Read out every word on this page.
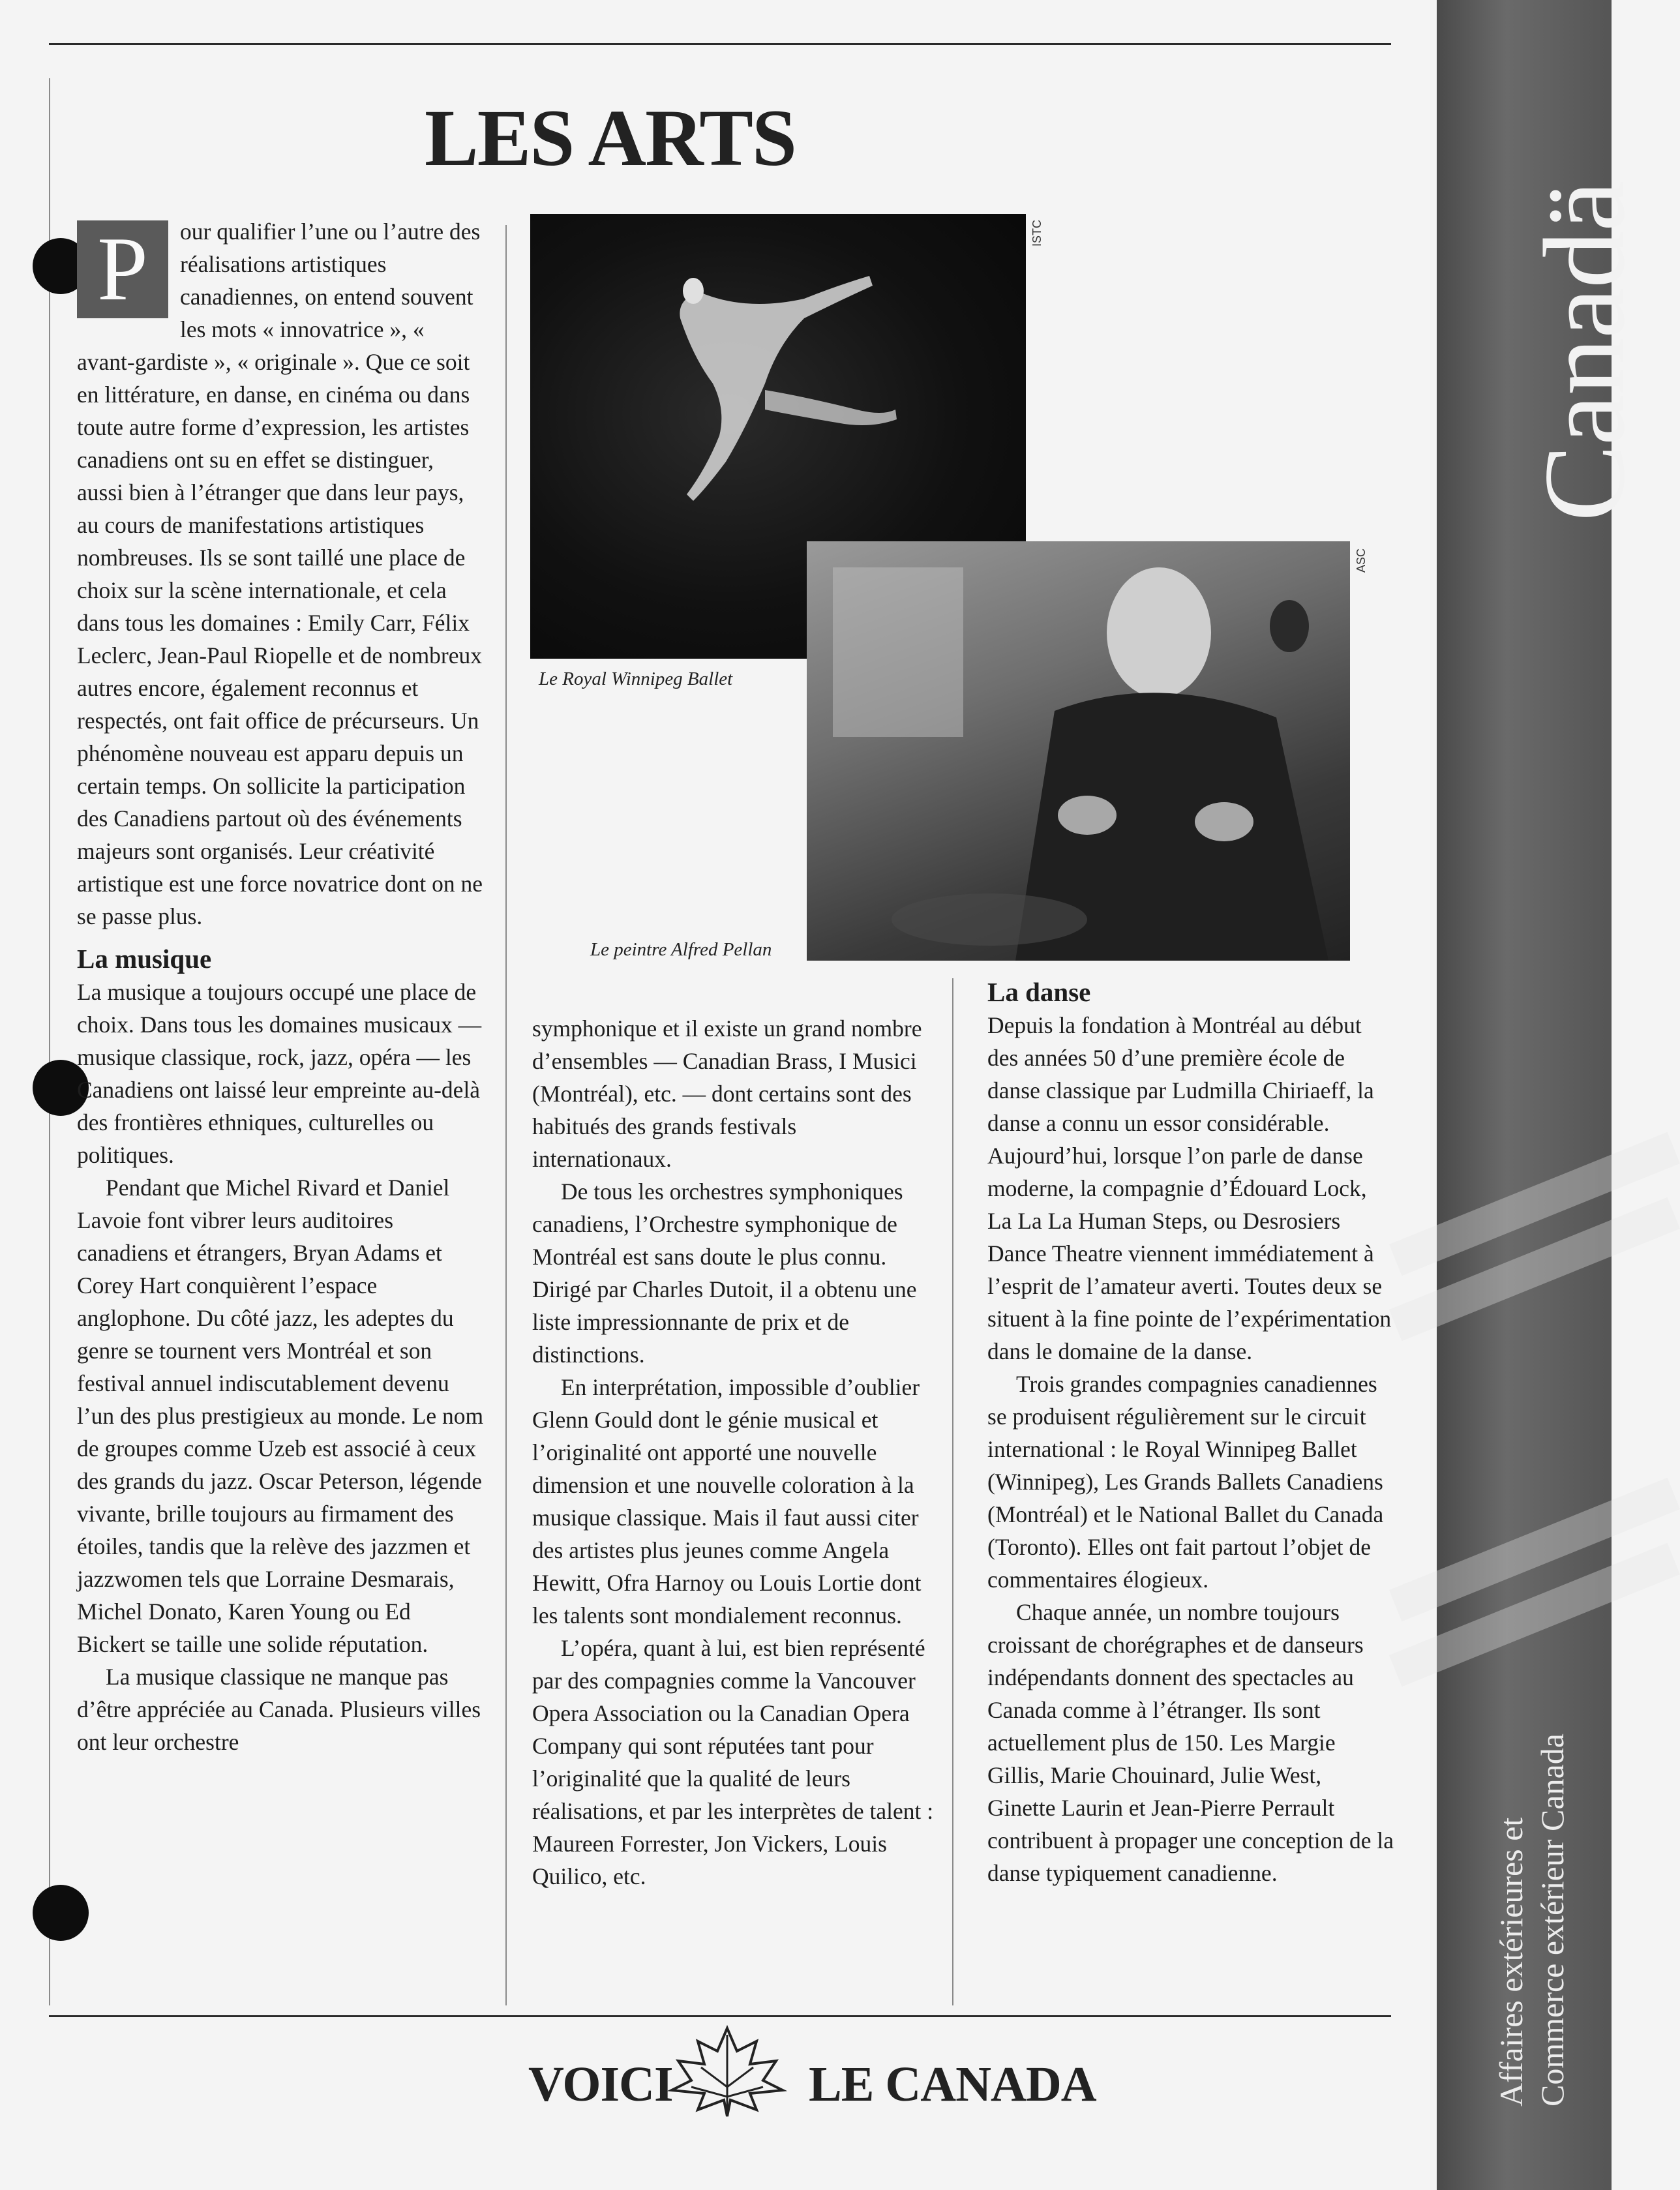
LES ARTS
P	our qualifier l’une ou l’autre des réalisations artistiques canadiennes, on entend souvent les mots « innovatrice », « avant-gardiste », « originale ». Que ce soit en littérature, en danse, en cinéma ou dans toute autre forme d’expression, les artistes canadiens ont su en effet se distinguer, aussi bien à l’étranger que dans leur pays, au cours de manifestations artistiques nombreuses. Ils se sont taillé une place de choix sur la scène internationale, et cela dans tous les domaines : Emily Carr, Félix Leclerc, Jean-Paul Riopelle et de nombreux autres encore, également reconnus et respectés, ont fait office de précurseurs. Un phénomène nouveau est apparu depuis un certain temps. On sollicite la participation des Canadiens partout où des événements majeurs sont organisés. Leur créativité artistique est une force novatrice dont on ne se passe plus.

La musique

La musique a toujours occupé une place de choix. Dans tous les domaines musicaux — musique classique, rock, jazz, opéra — les Canadiens ont laissé leur empreinte au-delà des frontières ethniques, culturelles ou politiques.

Pendant que Michel Rivard et Daniel Lavoie font vibrer leurs auditoires canadiens et étrangers, Bryan Adams et Corey Hart conquièrent l’espace anglophone. Du côté jazz, les adeptes du genre se tournent vers Montréal et son festival annuel indiscutablement devenu l’un des plus prestigieux au monde. Le nom de groupes comme Uzeb est associé à ceux des grands du jazz. Oscar Peterson, légende vivante, brille toujours au firmament des étoiles, tandis que la relève des jazzmen et jazzwomen tels que Lorraine Desmarais, Michel Donato, Karen Young ou Ed Bickert se taille une solide réputation.

La musique classique ne manque pas d’être appréciée au Canada. Plusieurs villes ont leur orchestre

ISTC
Le Royal Winnipeg Ballet
ASC
Le peintre Alfred Pellan

symphonique et il existe un grand nombre d’ensembles — Canadian Brass, I Musici (Montréal), etc. — dont certains sont des habitués des grands festivals internationaux.

De tous les orchestres symphoniques canadiens, l’Orchestre symphonique de Montréal est sans doute le plus connu. Dirigé par Charles Dutoit, il a obtenu une liste impressionnante de prix et de distinctions.

En interprétation, impossible d’oublier Glenn Gould dont le génie musical et l’originalité ont apporté une nouvelle dimension et une nouvelle coloration à la musique classique. Mais il faut aussi citer des artistes plus jeunes comme Angela Hewitt, Ofra Harnoy ou Louis Lortie dont les talents sont mondialement reconnus.

L’opéra, quant à lui, est bien représenté par des compagnies comme la Vancouver Opera Association ou la Canadian Opera Company qui sont réputées tant pour l’originalité que la qualité de leurs réalisations, et par les interprètes de talent : Maureen Forrester, Jon Vickers, Louis Quilico, etc.

La danse

Depuis la fondation à Montréal au début des années 50 d’une première école de danse classique par Ludmilla Chiriaeff, la danse a connu un essor considérable. Aujourd’hui, lorsque l’on parle de danse moderne, la compagnie d’Édouard Lock, La La La Human Steps, ou Desrosiers Dance Theatre viennent immédiatement à l’esprit de l’amateur averti. Toutes deux se situent à la fine pointe de l’expérimentation dans le domaine de la danse.

Trois grandes compagnies canadiennes se produisent régulièrement sur le circuit international : le Royal Winnipeg Ballet (Winnipeg), Les Grands Ballets Canadiens (Montréal) et le National Ballet du Canada (Toronto). Elles ont fait partout l’objet de commentaires élogieux.

Chaque année, un nombre toujours croissant de chorégraphes et de danseurs indépendants donnent des spectacles au Canada comme à l’étranger. Ils sont actuellement plus de 150. Les Margie Gillis, Marie Chouinard, Julie West, Ginette Laurin et Jean-Pierre Perrault contribuent à propager une conception de la danse typiquement canadienne.

Canadä
Affaires extérieures et Commerce extérieur Canada
VOICI	LE CANADA
